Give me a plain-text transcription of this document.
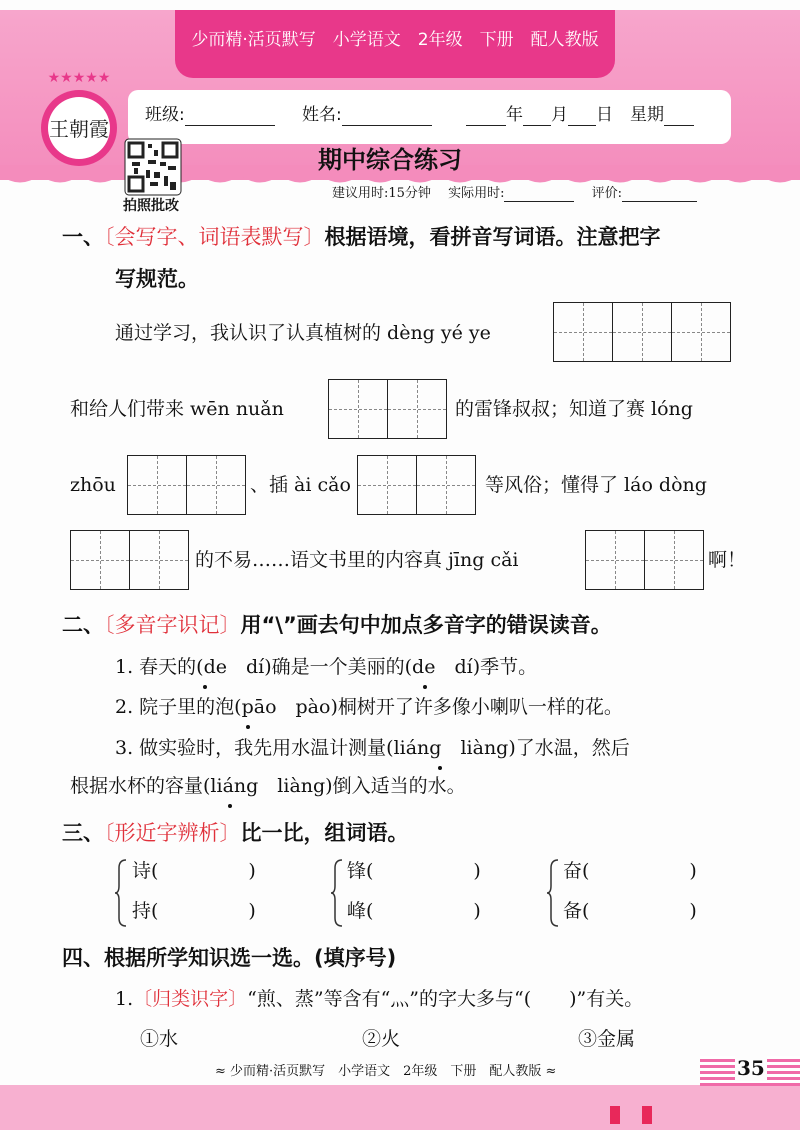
少而精·活页默写　小学语文　2年级　下册　配人教版
王朝霞
★★★★★
班级:	姓名:	年 月 日　 星期
拍照批改
期中综合练习
建议用时:15分钟　 实际用时:　	评价:
一、〔会写字、词语表默写〕根据语境，看拼音写词语。注意把字
写规范。
通过学习，我认识了认真植树的 dèng yé ye
和给人们带来 wēn nuǎn	的雷锋叔叔；知道了赛 lóng
zhōu	、插 ài cǎo	等风俗；懂得了 láo dòng
的不易……语文书里的内容真 jīng cǎi	啊！
二、〔多音字识记〕用“\”画去句中加点多音字的错误读音。
1. 春天的(de　dí)确是一个美丽的(de　dí)季节。
2. 院子里的泡(pāo　pào)桐树开了许多像小喇叭一样的花。
3. 做实验时，我先用水温计测量(liáng　liàng)了水温，然后
根据水杯的容量(liáng　liàng)倒入适当的水。
三、〔形近字辨析〕比一比，组词语。
诗(	)
持(	)
锋(	)
峰(	)
奋(	)
备(	)
四、根据所学知识选一选。(填序号)
1.〔归类识字〕“煎、蒸”等含有“灬”的字大多与“(　　)”有关。
①水	②火	③金属
≈ 少而精·活页默写　小学语文　2年级　下册　配人教版 ≈	35
